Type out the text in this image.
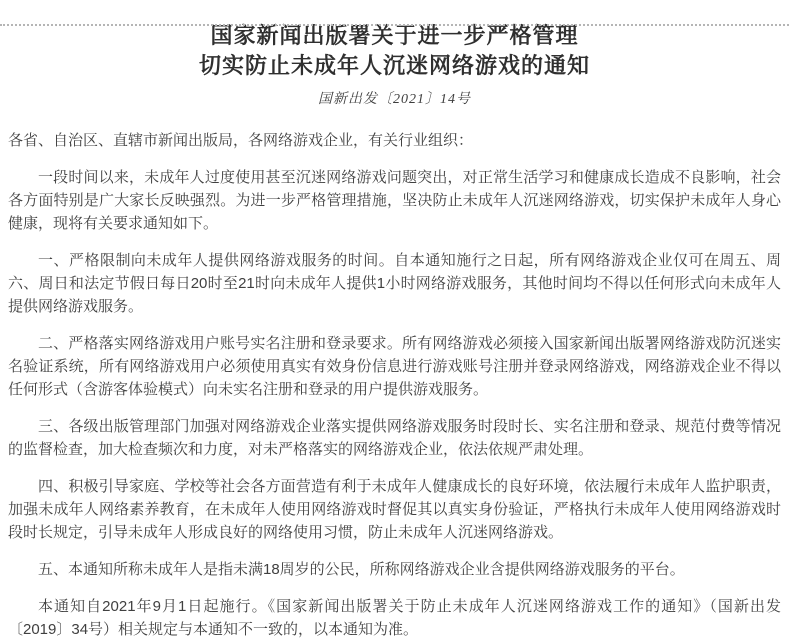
国家新闻出版署关于进一步严格管理
切实防止未成年人沉迷网络游戏的通知
国新出发〔2021〕14号
各省、自治区、直辖市新闻出版局，各网络游戏企业，有关行业组织：

一段时间以来，未成年人过度使用甚至沉迷网络游戏问题突出，对正常生活学习和健康成长造成不良影响，社会各方面特别是广大家长反映强烈。为进一步严格管理措施，坚决防止未成年人沉迷网络游戏，切实保护未成年人身心健康，现将有关要求通知如下。

一、严格限制向未成年人提供网络游戏服务的时间。自本通知施行之日起，所有网络游戏企业仅可在周五、周六、周日和法定节假日每日20时至21时向未成年人提供1小时网络游戏服务，其他时间均不得以任何形式向未成年人提供网络游戏服务。

二、严格落实网络游戏用户账号实名注册和登录要求。所有网络游戏必须接入国家新闻出版署网络游戏防沉迷实名验证系统，所有网络游戏用户必须使用真实有效身份信息进行游戏账号注册并登录网络游戏，网络游戏企业不得以任何形式（含游客体验模式）向未实名注册和登录的用户提供游戏服务。

三、各级出版管理部门加强对网络游戏企业落实提供网络游戏服务时段时长、实名注册和登录、规范付费等情况的监督检查，加大检查频次和力度，对未严格落实的网络游戏企业，依法依规严肃处理。

四、积极引导家庭、学校等社会各方面营造有利于未成年人健康成长的良好环境，依法履行未成年人监护职责，加强未成年人网络素养教育，在未成年人使用网络游戏时督促其以真实身份验证，严格执行未成年人使用网络游戏时段时长规定，引导未成年人形成良好的网络使用习惯，防止未成年人沉迷网络游戏。

五、本通知所称未成年人是指未满18周岁的公民，所称网络游戏企业含提供网络游戏服务的平台。

本通知自2021年9月1日起施行。《国家新闻出版署关于防止未成年人沉迷网络游戏工作的通知》（国新出发〔2019〕34号）相关规定与本通知不一致的，以本通知为准。
